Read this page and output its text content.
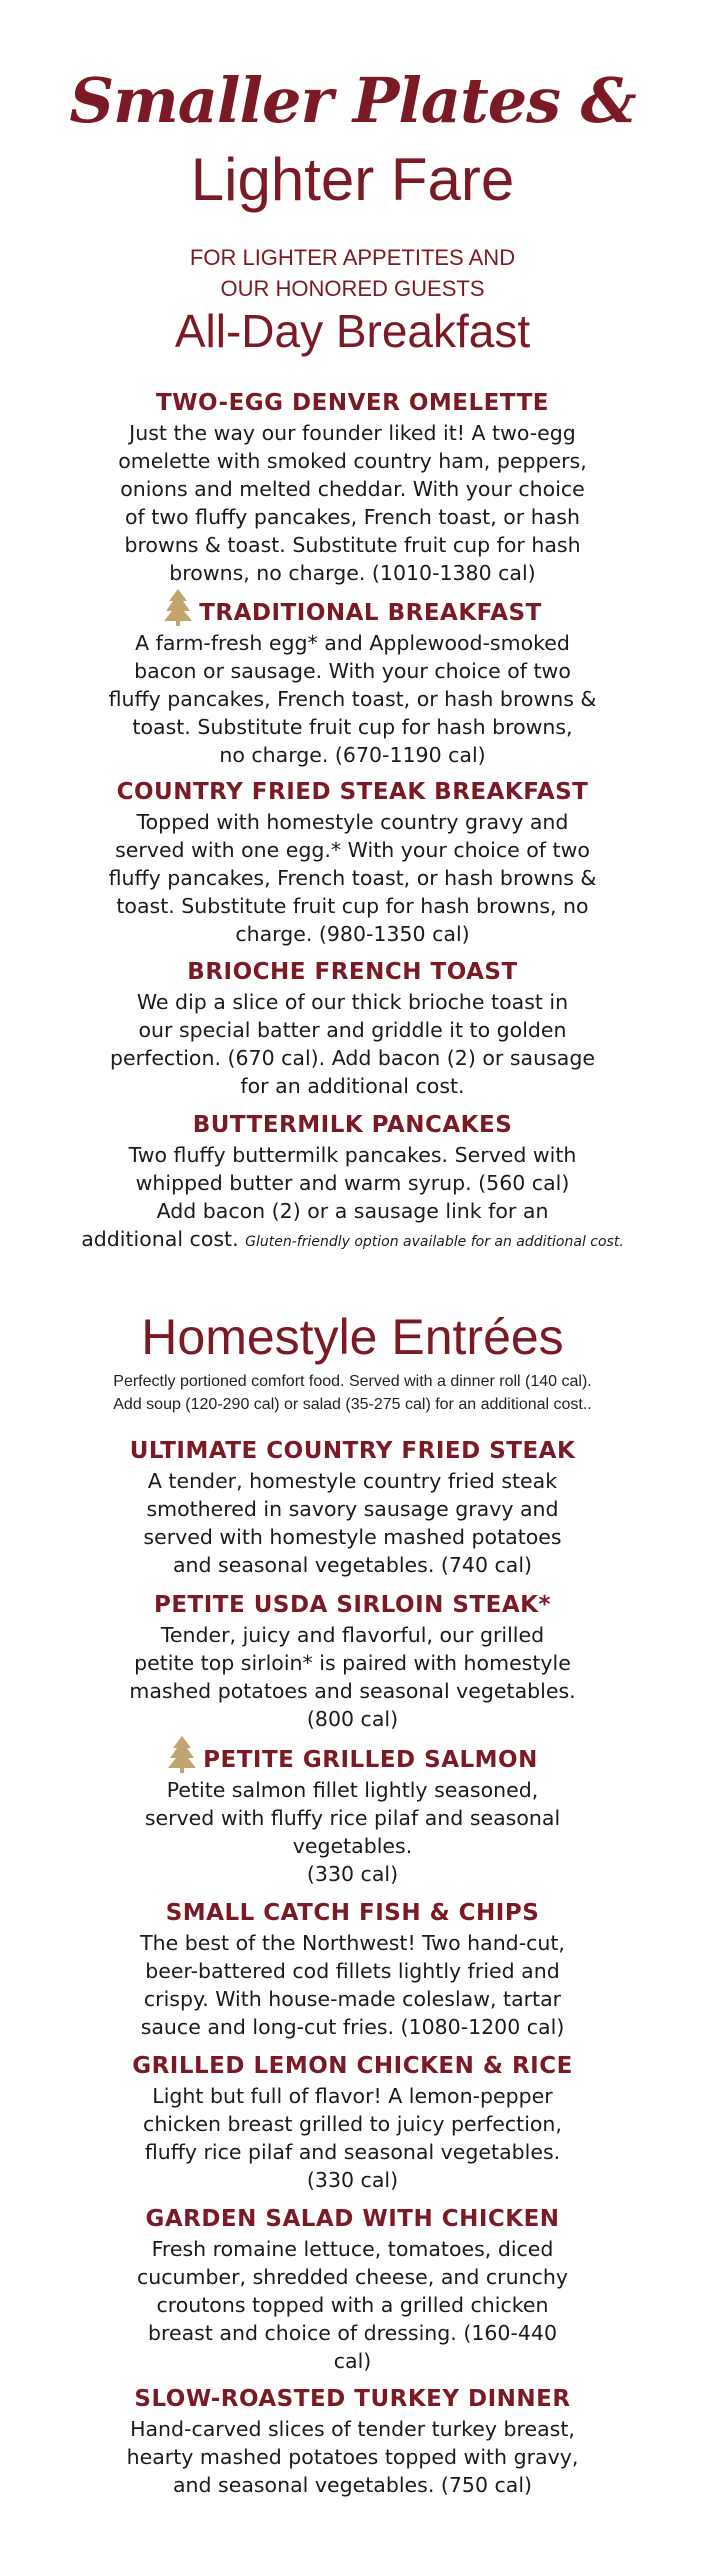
Smaller Plates &
Lighter Fare
FOR LIGHTER APPETITES AND
OUR HONORED GUESTS
All-Day Breakfast
TWO-EGG DENVER OMELETTE
Just the way our founder liked it! A two-egg
omelette with smoked country ham, peppers,
onions and melted cheddar. With your choice
of two fluffy pancakes, French toast, or hash
browns & toast. Substitute fruit cup for hash
browns, no charge. (1010-1380 cal)
TRADITIONAL BREAKFAST
A farm-fresh egg* and Applewood-smoked
bacon or sausage. With your choice of two
fluffy pancakes, French toast, or hash browns &
toast. Substitute fruit cup for hash browns,
no charge. (670-1190 cal)
COUNTRY FRIED STEAK BREAKFAST
Topped with homestyle country gravy and
served with one egg.* With your choice of two
fluffy pancakes, French toast, or hash browns &
toast. Substitute fruit cup for hash browns, no
charge. (980-1350 cal)
BRIOCHE FRENCH TOAST
We dip a slice of our thick brioche toast in
our special batter and griddle it to golden
perfection. (670 cal). Add bacon (2) or sausage
for an additional cost.
BUTTERMILK PANCAKES
Two fluffy buttermilk pancakes. Served with
whipped butter and warm syrup. (560 cal)
Add bacon (2) or a sausage link for an
additional cost. Gluten-friendly option available for an additional cost.
Homestyle Entrées
Perfectly portioned comfort food. Served with a dinner roll (140 cal).
Add soup (120-290 cal) or salad (35-275 cal) for an additional cost..
ULTIMATE COUNTRY FRIED STEAK
A tender, homestyle country fried steak
smothered in savory sausage gravy and
served with homestyle mashed potatoes
and seasonal vegetables. (740 cal)
PETITE USDA SIRLOIN STEAK*
Tender, juicy and flavorful, our grilled
petite top sirloin* is paired with homestyle
mashed potatoes and seasonal vegetables.
(800 cal)
PETITE GRILLED SALMON
Petite salmon fillet lightly seasoned,
served with fluffy rice pilaf and seasonal
vegetables.
(330 cal)
SMALL CATCH FISH & CHIPS
The best of the Northwest! Two hand-cut,
beer-battered cod fillets lightly fried and
crispy. With house-made coleslaw, tartar
sauce and long-cut fries. (1080-1200 cal)
GRILLED LEMON CHICKEN & RICE
Light but full of flavor! A lemon-pepper
chicken breast grilled to juicy perfection,
fluffy rice pilaf and seasonal vegetables.
(330 cal)
GARDEN SALAD WITH CHICKEN
Fresh romaine lettuce, tomatoes, diced
cucumber, shredded cheese, and crunchy
croutons topped with a grilled chicken
breast and choice of dressing. (160-440
cal)
SLOW-ROASTED TURKEY DINNER
Hand-carved slices of tender turkey breast,
hearty mashed potatoes topped with gravy,
and seasonal vegetables. (750 cal)
